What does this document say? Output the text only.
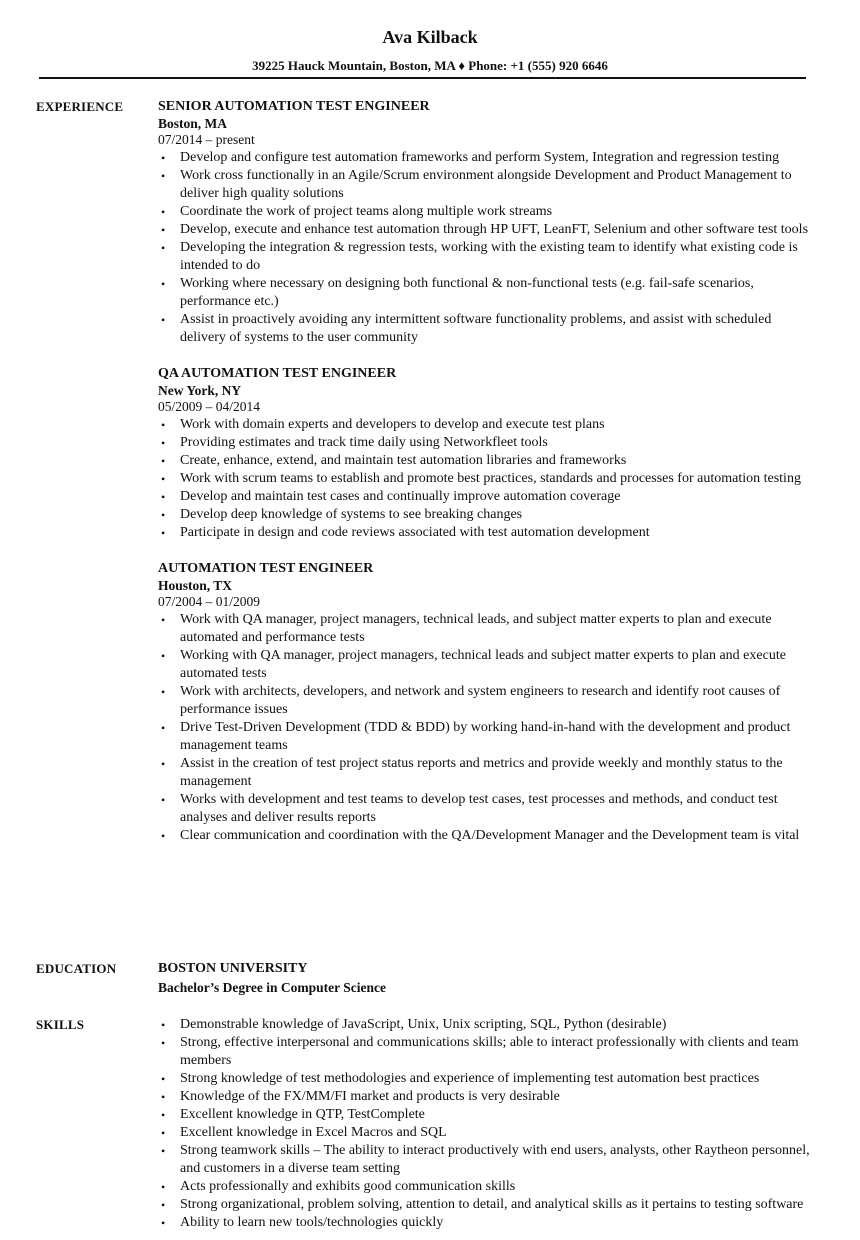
Ava Kilback
39225 Hauck Mountain, Boston, MA ♦ Phone: +1 (555) 920 6646
EXPERIENCE SENIOR AUTOMATION TEST ENGINEER
Boston, MA
07/2014 – present
• Develop and configure test automation frameworks and perform System, Integration and regression testing
• Work cross functionally in an Agile/Scrum environment alongside Development and Product Management to deliver high quality solutions
• Coordinate the work of project teams along multiple work streams
• Develop, execute and enhance test automation through HP UFT, LeanFT, Selenium and other software test tools
• Developing the integration & regression tests, working with the existing team to identify what existing code is intended to do
• Working where necessary on designing both functional & non-functional tests (e.g. fail-safe scenarios, performance etc.)
• Assist in proactively avoiding any intermittent software functionality problems, and assist with scheduled delivery of systems to the user community
QA AUTOMATION TEST ENGINEER
New York, NY
05/2009 – 04/2014
• Work with domain experts and developers to develop and execute test plans
• Providing estimates and track time daily using Networkfleet tools
• Create, enhance, extend, and maintain test automation libraries and frameworks
• Work with scrum teams to establish and promote best practices, standards and processes for automation testing
• Develop and maintain test cases and continually improve automation coverage
• Develop deep knowledge of systems to see breaking changes
• Participate in design and code reviews associated with test automation development
AUTOMATION TEST ENGINEER
Houston, TX
07/2004 – 01/2009
• Work with QA manager, project managers, technical leads, and subject matter experts to plan and execute automated and performance tests
• Working with QA manager, project managers, technical leads and subject matter experts to plan and execute automated tests
• Work with architects, developers, and network and system engineers to research and identify root causes of performance issues
• Drive Test-Driven Development (TDD & BDD) by working hand-in-hand with the development and product management teams
• Assist in the creation of test project status reports and metrics and provide weekly and monthly status to the management
• Works with development and test teams to develop test cases, test processes and methods, and conduct test analyses and deliver results reports
• Clear communication and coordination with the QA/Development Manager and the Development team is vital
EDUCATION	BOSTON UNIVERSITY
Bachelor’s Degree in Computer Science
SKILLS	• Demonstrable knowledge of JavaScript, Unix, Unix scripting, SQL, Python (desirable)
• Strong, effective interpersonal and communications skills; able to interact professionally with clients and team members
• Strong knowledge of test methodologies and experience of implementing test automation best practices
• Knowledge of the FX/MM/FI market and products is very desirable
• Excellent knowledge in QTP, TestComplete
• Excellent knowledge in Excel Macros and SQL
• Strong teamwork skills – The ability to interact productively with end users, analysts, other Raytheon personnel, and customers in a diverse team setting
• Acts professionally and exhibits good communication skills
• Strong organizational, problem solving, attention to detail, and analytical skills as it pertains to testing software
• Ability to learn new tools/technologies quickly
